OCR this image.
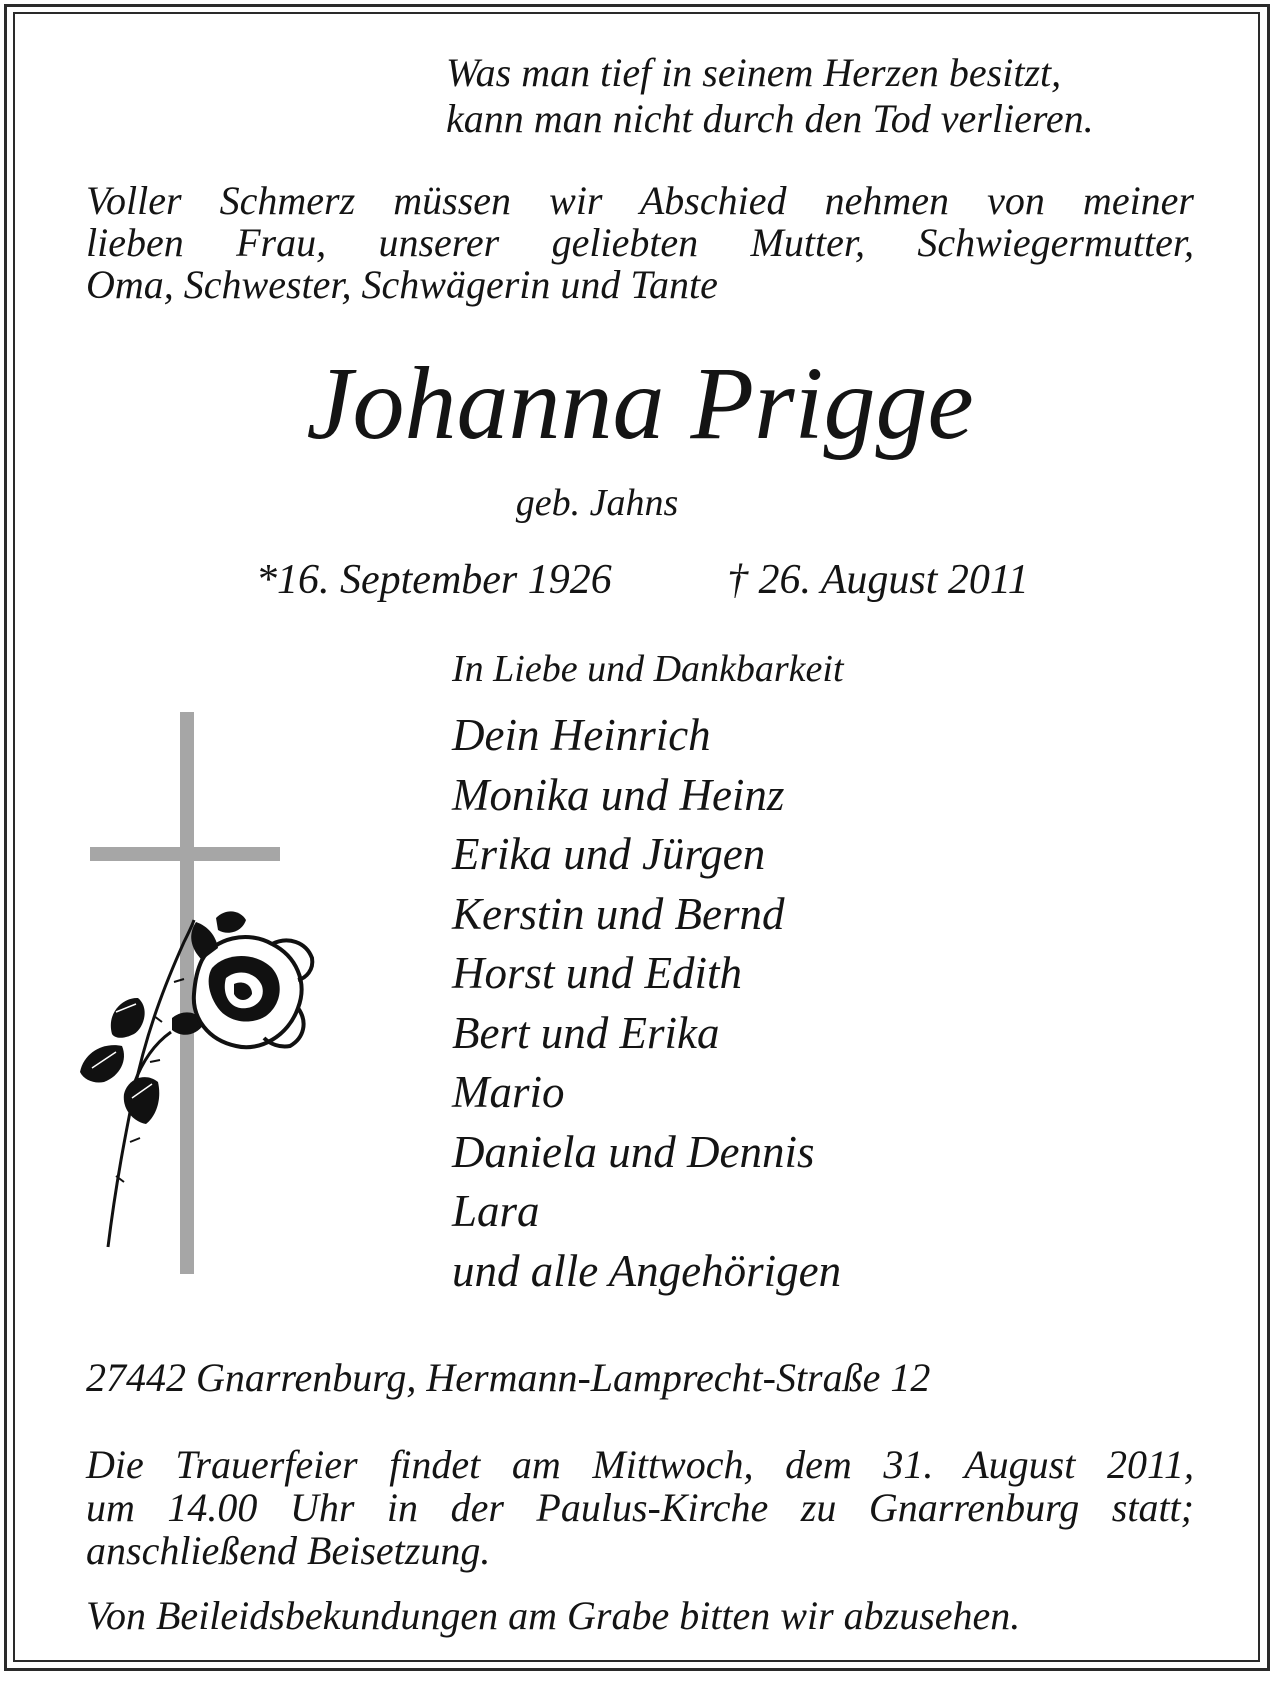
Was man tief in seinem Herzen besitzt,
kann man nicht durch den Tod verlieren.
Voller Schmerz müssen wir Abschied nehmen von meiner
lieben Frau, unserer geliebten Mutter, Schwiegermutter,
Oma, Schwester, Schwägerin und Tante
Johanna Prigge
geb. Jahns
*16. September 1926	† 26. August 2011
In Liebe und Dankbarkeit
Dein Heinrich
Monika und Heinz
Erika und Jürgen
Kerstin und Bernd
Horst und Edith
Bert und Erika
Mario
Daniela und Dennis
Lara
und alle Angehörigen
27442 Gnarrenburg, Hermann-Lamprecht-Straße 12
Die Trauerfeier findet am Mittwoch, dem 31. August 2011,
um 14.00 Uhr in der Paulus-Kirche zu Gnarrenburg statt;
anschließend Beisetzung.
Von Beileidsbekundungen am Grabe bitten wir abzusehen.
